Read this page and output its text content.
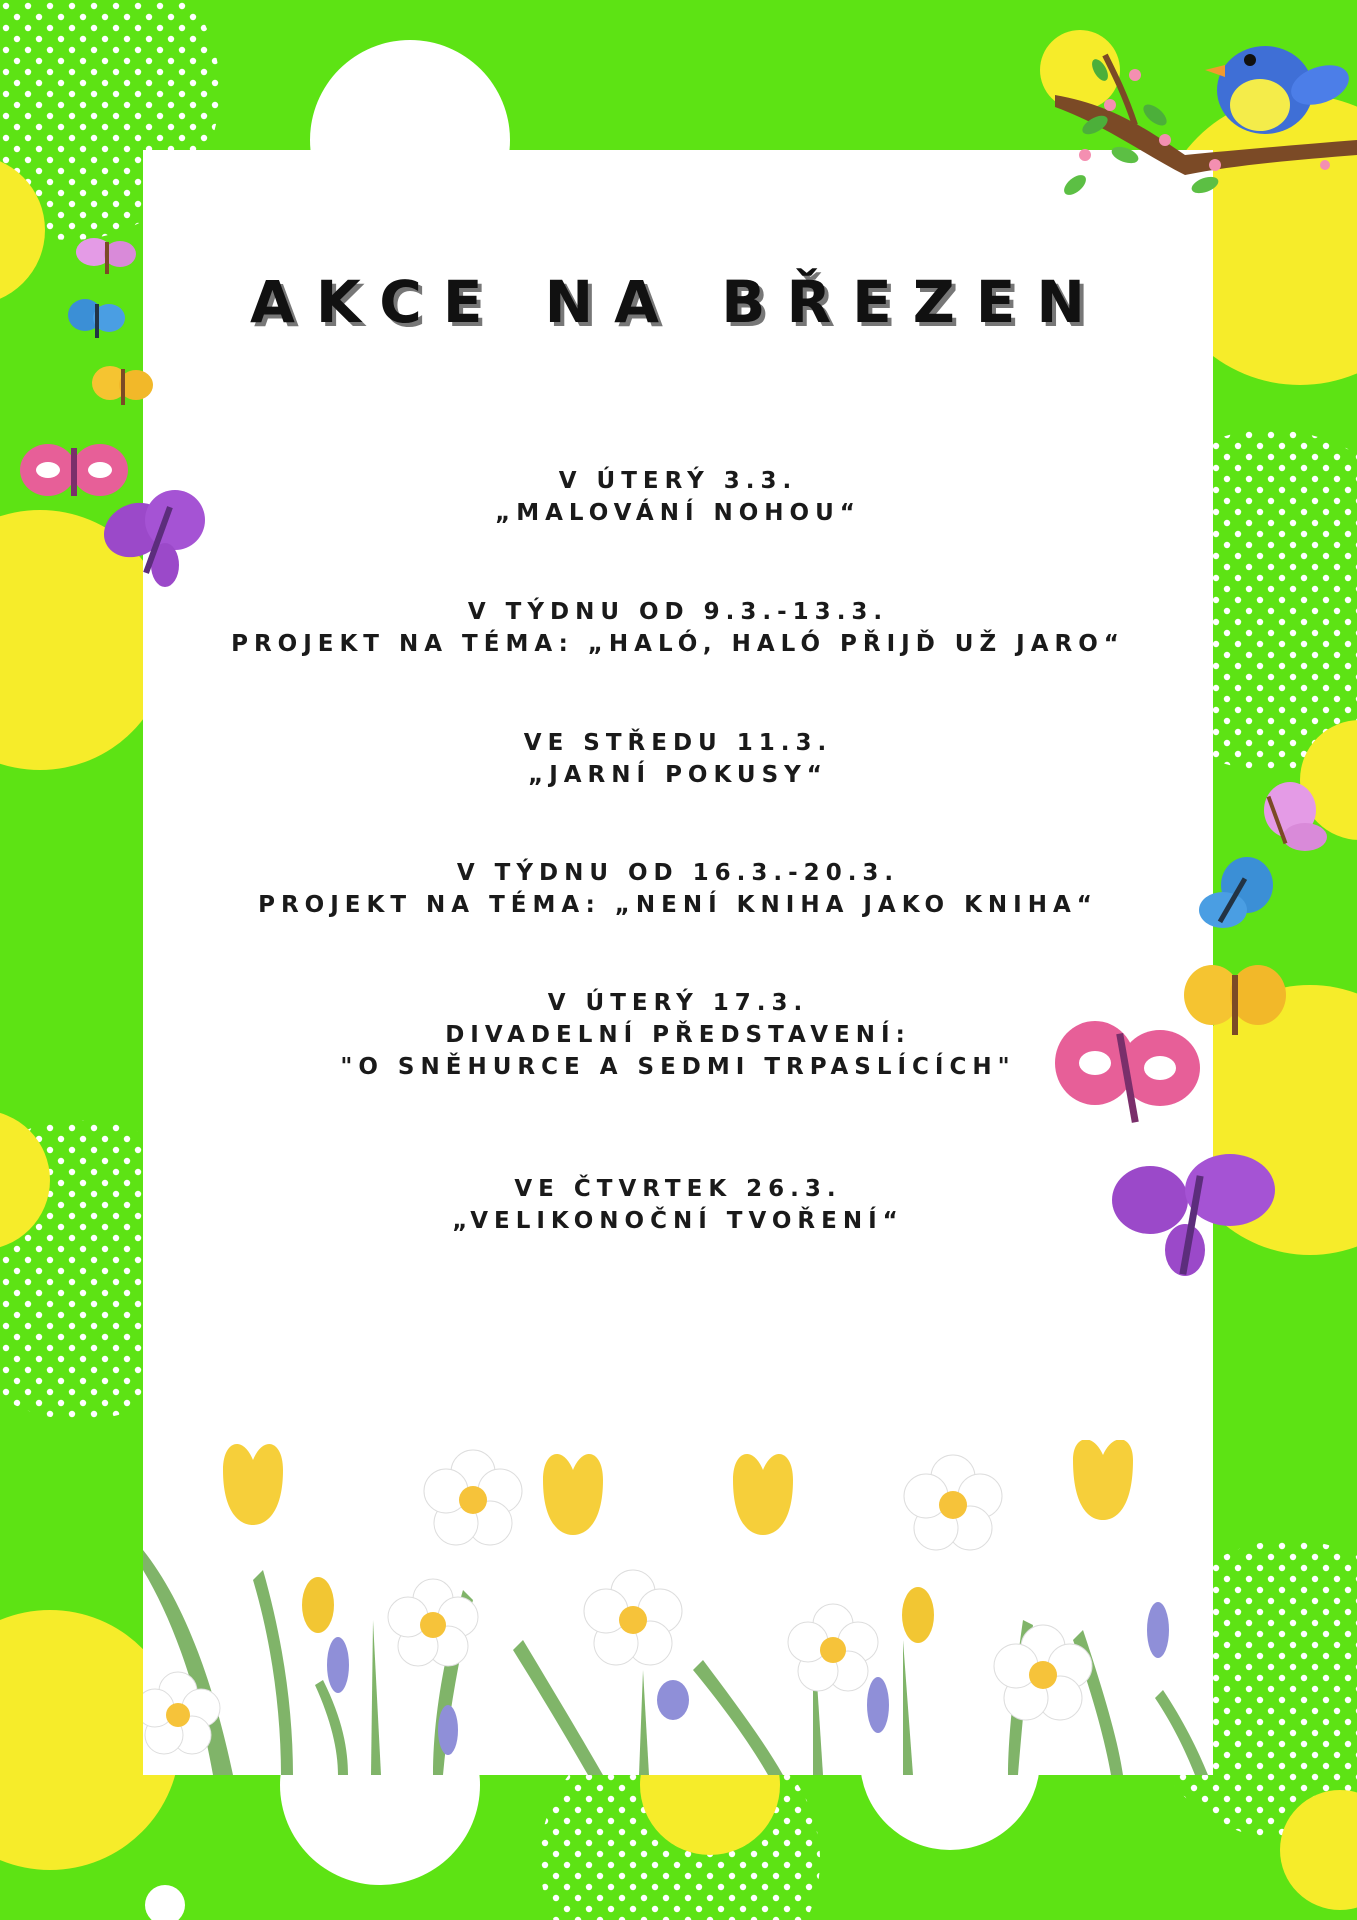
AKCE NA BŘEZEN
V ÚTERÝ 3.3.
„MALOVÁNÍ NOHOU“
V TÝDNU OD 9.3.-13.3.
PROJEKT NA TÉMA: „HALÓ, HALÓ PŘIJĎ UŽ JARO“
VE STŘEDU 11.3.
„JARNÍ POKUSY“
V TÝDNU OD 16.3.-20.3.
PROJEKT NA TÉMA: „NENÍ KNIHA JAKO KNIHA“
V ÚTERÝ 17.3.
DIVADELNÍ PŘEDSTAVENÍ:
"O SNĚHURCE A SEDMI TRPASLÍCÍCH"
VE ČTVRTEK 26.3.
„VELIKONOČNÍ TVOŘENÍ“
